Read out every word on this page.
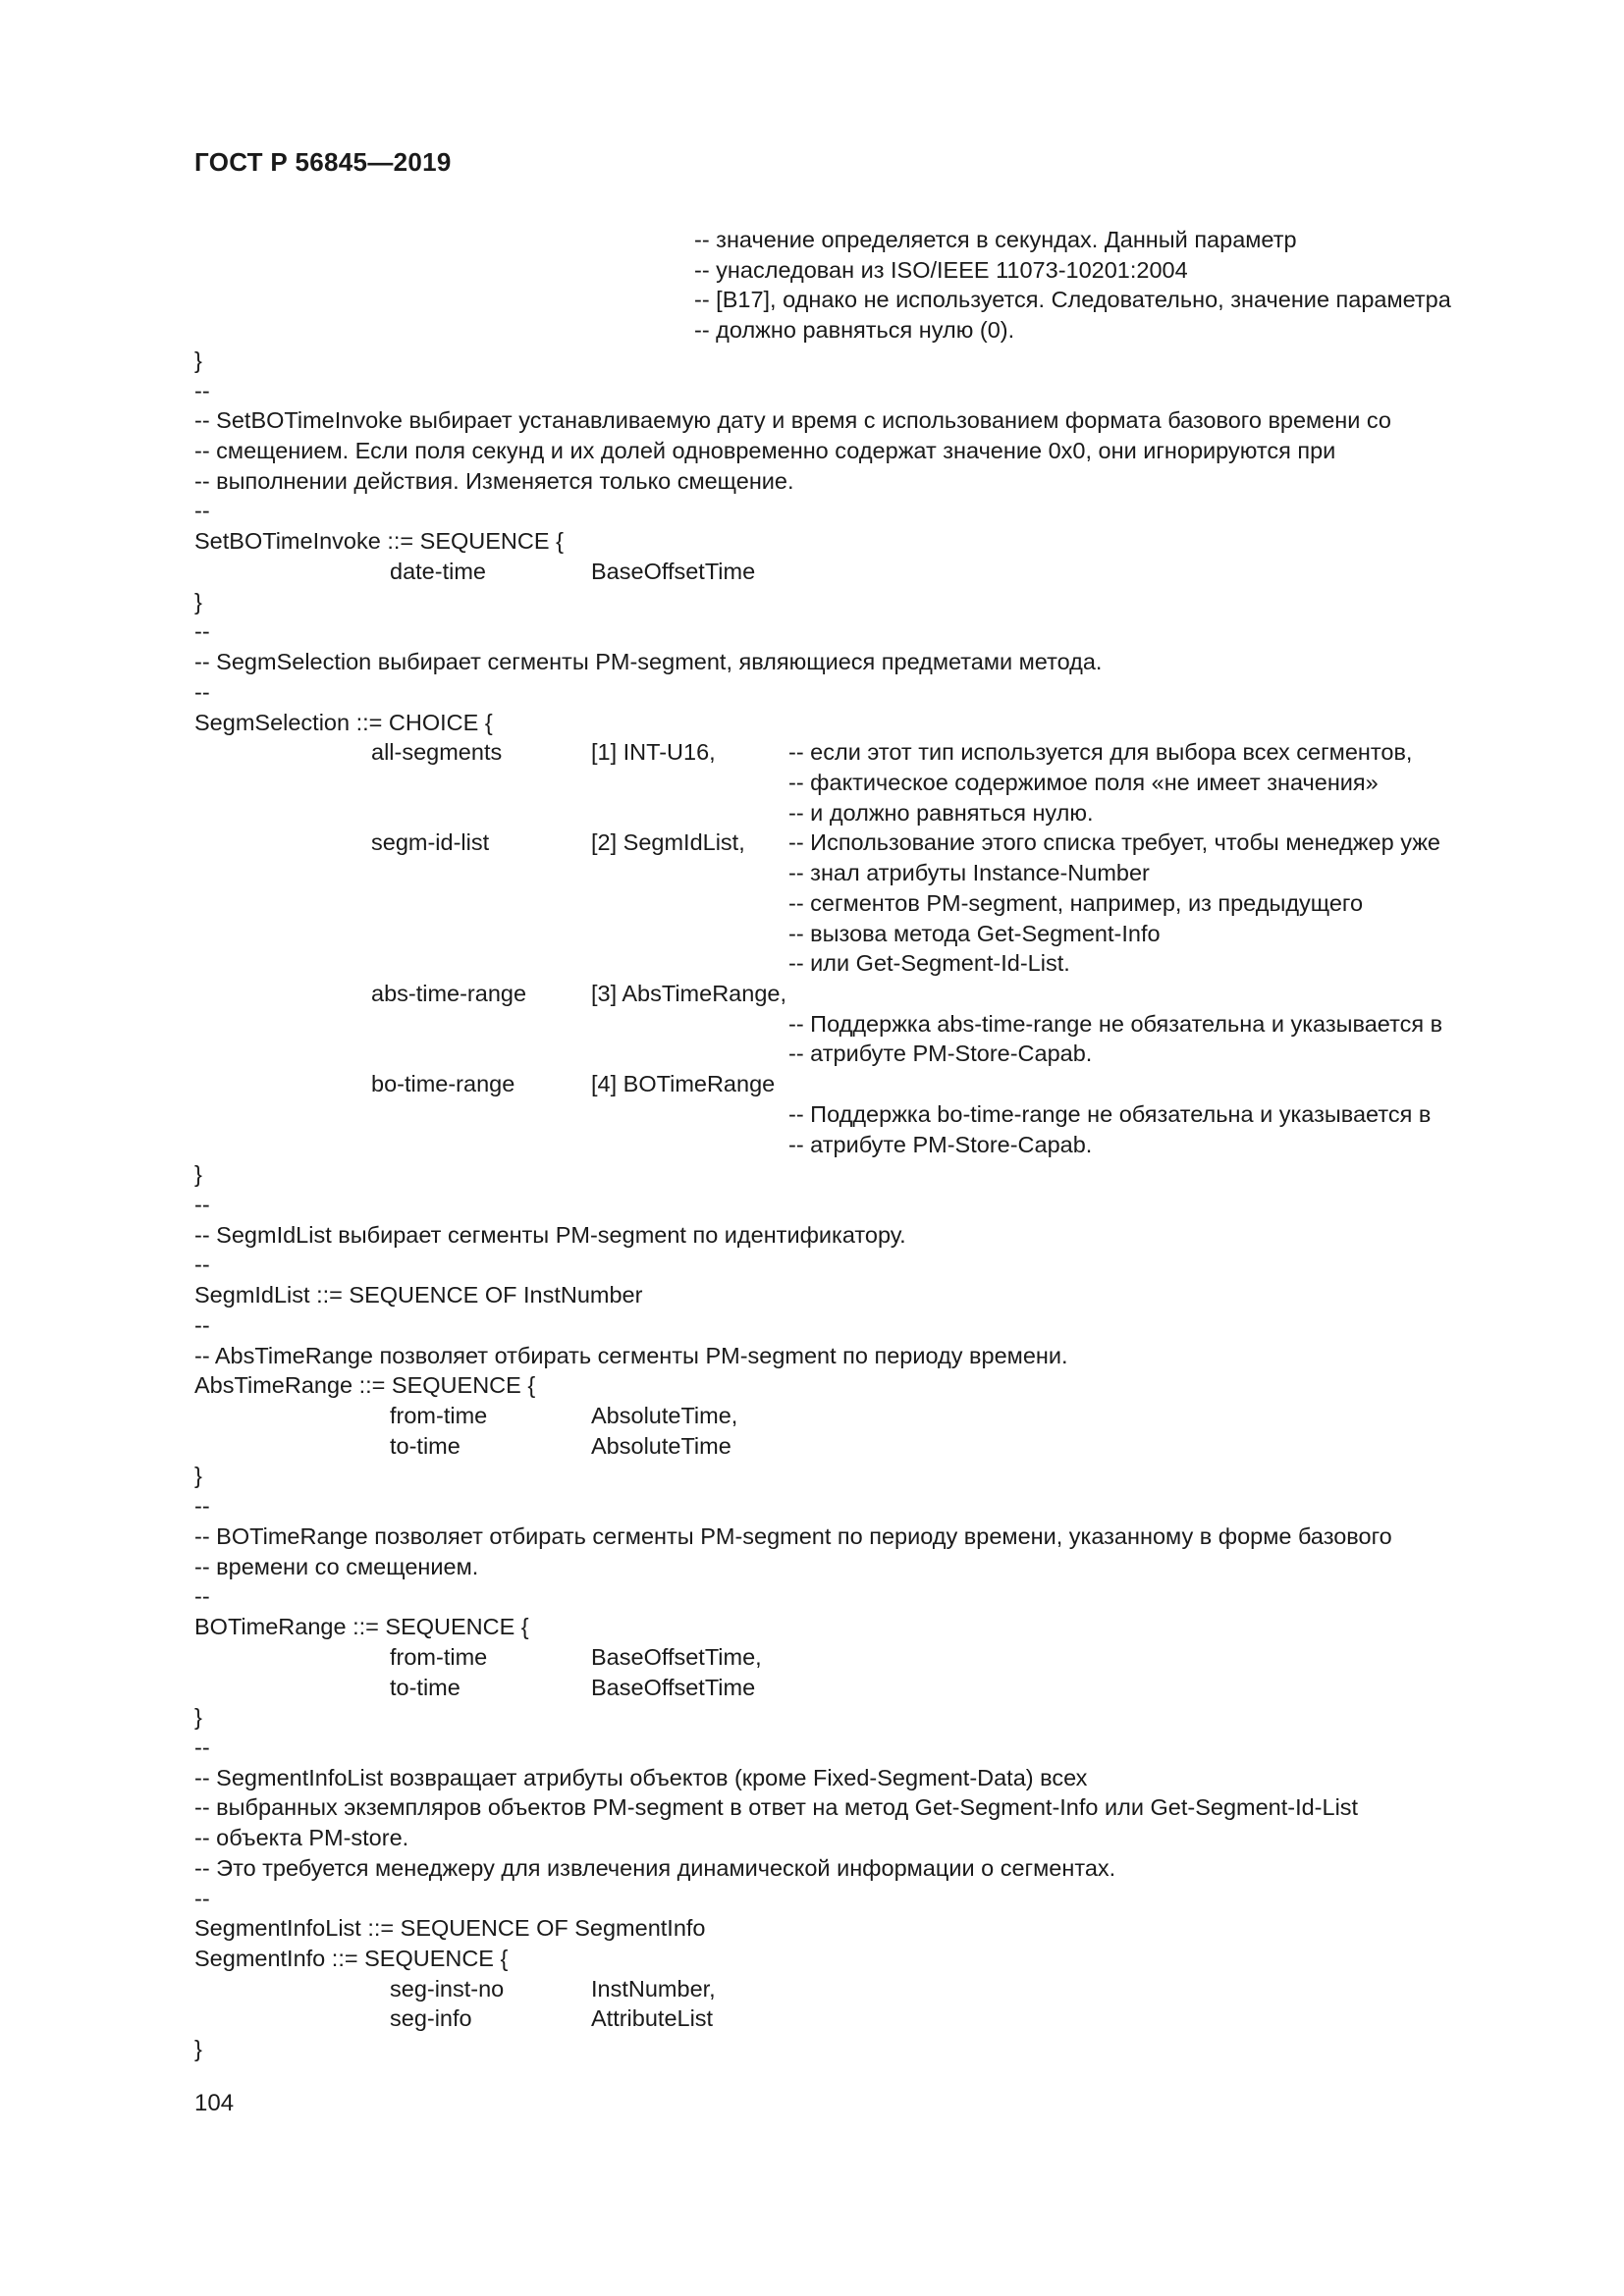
ГОСТ Р 56845—2019
-- значение определяется в секундах. Данный параметр
-- унаследован из ISO/IEEE 11073-10201:2004
-- [B17], однако не используется. Следовательно, значение параметра
-- должно равняться нулю (0).
}
--
-- SetBOTimeInvoke выбирает устанавливаемую дату и время с использованием формата базового времени со
-- смещением. Если поля секунд и их долей одновременно содержат значение 0х0, они игнорируются при
-- выполнении действия. Изменяется только смещение.
--
SetBOTimeInvoke ::= SEQUENCE {
date-time	BaseOffsetTime
}
--
-- SegmSelection выбирает сегменты PM-segment, являющиеся предметами метода.
--
SegmSelection ::= CHOICE {
all-segments	[1] INT-U16,	-- если этот тип используется для выбора всех сегментов,
-- фактическое содержимое поля «не имеет значения»
-- и должно равняться нулю.
segm-id-list	[2] SegmIdList, -- Использование этого списка требует, чтобы менеджер уже
-- знал атрибуты Instance-Number
-- сегментов PM-segment, например, из предыдущего
-- вызова метода Get-Segment-Info
-- или Get-Segment-Id-List.
abs-time-range	[3] AbsTimeRange,
-- Поддержка abs-time-range не обязательна и указывается в
-- атрибуте PM-Store-Capab.
bo-time-range	[4] BOTimeRange
-- Поддержка bo-time-range не обязательна и указывается в
-- атрибуте PM-Store-Capab.
}
--
-- SegmIdList выбирает сегменты PM-segment по идентификатору.
--
SegmIdList ::= SEQUENCE OF InstNumber
--
-- AbsTimeRange позволяет отбирать сегменты PM-segment по периоду времени.
AbsTimeRange ::= SEQUENCE {
from-time	AbsoluteTime,
to-time	AbsoluteTime
}
--
-- BOTimeRange позволяет отбирать сегменты PM-segment по периоду времени, указанному в форме базового
-- времени со смещением.
--
BOTimeRange ::= SEQUENCE {
from-time	BaseOffsetTime,
to-time	BaseOffsetTime
}
--
-- SegmentInfoList возвращает атрибуты объектов (кроме Fixed-Segment-Data) всех
-- выбранных экземпляров объектов PM-segment в ответ на метод Get-Segment-Info или Get-Segment-Id-List
-- объекта PM-store.
-- Это требуется менеджеру для извлечения динамической информации о сегментах.
--
SegmentInfoList ::= SEQUENCE OF SegmentInfo
SegmentInfo ::= SEQUENCE {
seg-inst-no	InstNumber,
seg-info	AttributeList
}
104
